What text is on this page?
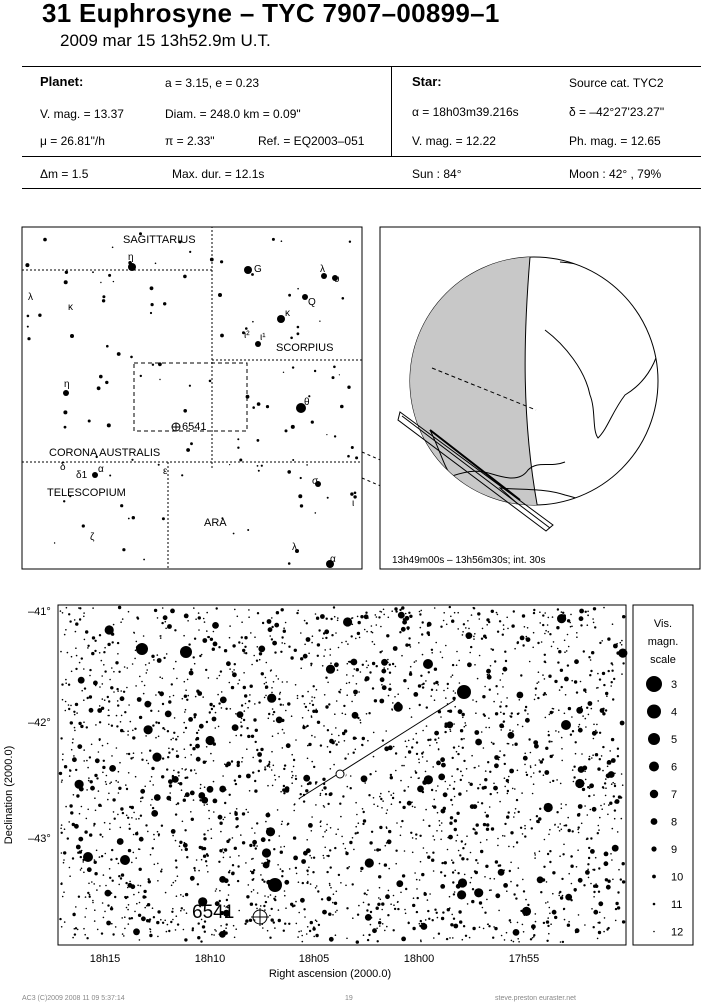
31 Euphrosyne – TYC 7907–00899–1
2009 mar 15 13h52.9m U.T.
Planet:	a = 3.15, e = 0.23
V. mag. = 13.37	Diam. = 248.0 km = 0.09"
μ = 26.81"/h	π = 2.33"	Ref. = EQ2003–051
Star:	Source cat. TYC2
α = 18h03m39.216s	δ = –42°27'23.27"
V. mag. = 12.22	Ph. mag. = 12.65
Δm = 1.5	Max. dur. = 12.1s	Sun : 84°	Moon : 42° , 79%
6541
SAGITTARIUS
SCORPIUS
CORONA AUSTRALIS
TELESCOPIUM
ARA
η
G	λ
υ
Q
κ
κ
λ
ι² ι¹
η
θ
δ
δ1
α	ε
σ
ι
ζ
λ
α	13h49m00s – 13h56m30s; int. 30s
6541
–41°
–42°
–43°
Declination (2000.0)
18h15	18h10	18h05	18h00	17h55
Right ascension (2000.0)
Vis.
magn.
scale
3
4
5
6
7
8
9
10
11
12
AC3 (C)2009 2008 11 09 5:37:14	19	steve.preston euraster.net
